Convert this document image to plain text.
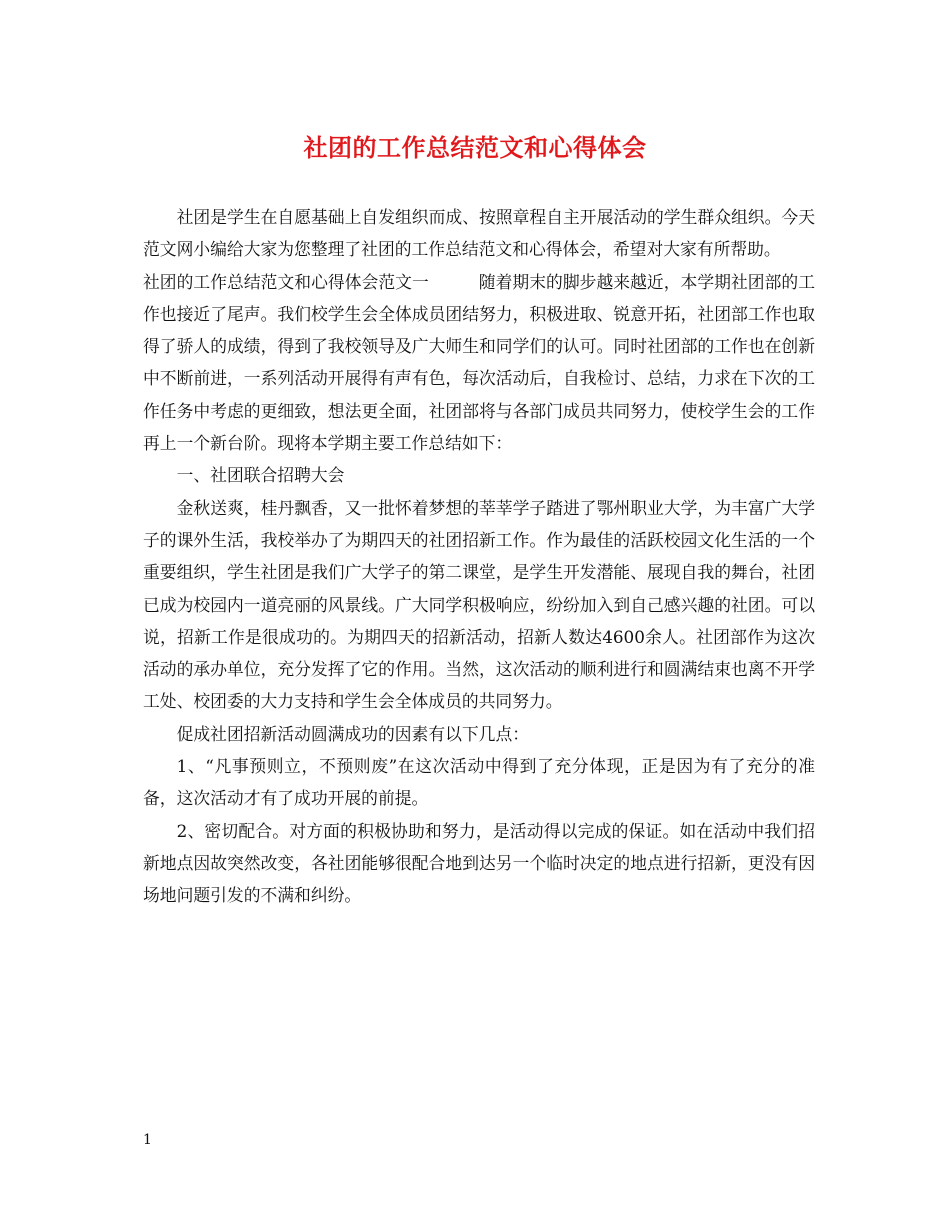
社团的工作总结范文和心得体会

社团是学生在自愿基础上自发组织而成、按照章程自主开展活动的学生群众组织。今天范文网小编给大家为您整理了社团的工作总结范文和心得体会，希望对大家有所帮助。

社团的工作总结范文和心得体会范文一	随着期末的脚步越来越近，本学期社团部的工作也接近了尾声。我们校学生会全体成员团结努力，积极进取、锐意开拓，社团部工作也取得了骄人的成绩，得到了我校领导及广大师生和同学们的认可。同时社团部的工作也在创新中不断前进，一系列活动开展得有声有色，每次活动后，自我检讨、总结，力求在下次的工作任务中考虑的更细致，想法更全面，社团部将与各部门成员共同努力，使校学生会的工作再上一个新台阶。现将本学期主要工作总结如下：

一、社团联合招聘大会

金秋送爽，桂丹飘香，又一批怀着梦想的莘莘学子踏进了鄂州职业大学，为丰富广大学子的课外生活，我校举办了为期四天的社团招新工作。作为最佳的活跃校园文化生活的一个重要组织，学生社团是我们广大学子的第二课堂，是学生开发潜能、展现自我的舞台，社团已成为校园内一道亮丽的风景线。广大同学积极响应，纷纷加入到自己感兴趣的社团。可以说，招新工作是很成功的。为期四天的招新活动，招新人数达4600余人。社团部作为这次活动的承办单位，充分发挥了它的作用。当然，这次活动的顺利进行和圆满结束也离不开学工处、校团委的大力支持和学生会全体成员的共同努力。

促成社团招新活动圆满成功的因素有以下几点：

1、“凡事预则立，不预则废”在这次活动中得到了充分体现，正是因为有了充分的准备，这次活动才有了成功开展的前提。

2、密切配合。对方面的积极协助和努力，是活动得以完成的保证。如在活动中我们招新地点因故突然改变，各社团能够很配合地到达另一个临时决定的地点进行招新，更没有因场地问题引发的不满和纠纷。

1
